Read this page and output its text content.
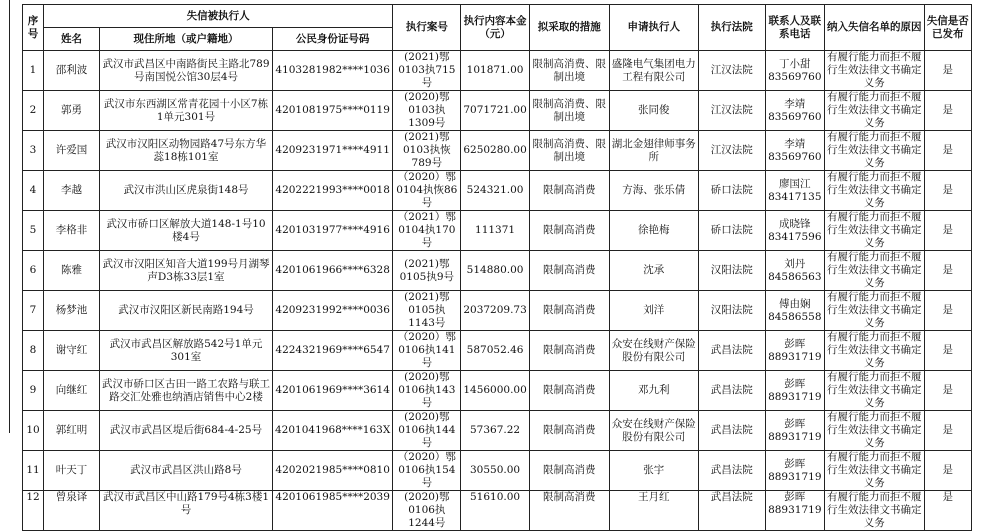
序号	失信被执行人			执行案号	执行内容本金（元）	拟采取的措施	申请执行人	执行法院	联系人及联系电话	纳入失信名单的原因	失信是否已发布
	姓名	现住所地（或户籍地）	公民身份证号码								
1	邵利波	武汉市武昌区中南路街民主路北789号南国悦公馆30层4号	4103281982****1036	(2021)鄂0103执715号	101871.00	限制高消费、限制出境	盛隆电气集团电力工程有限公司	江汉法院	丁小甜 83569760	有履行能力而拒不履行生效法律文书确定义务	是
2	郭勇	武汉市东西湖区常青花园十小区7栋1单元301号	4201081975****0119	(2020)鄂0103执1309号	7071721.00	限制高消费、限制出境	张同俊	江汉法院	李靖 83569760	有履行能力而拒不履行生效法律文书确定义务	是
3	许爱国	武汉市汉阳区动物园路47号东方华蕊18栋101室	4209231971****4911	(2021)鄂0103执恢789号	6250280.00	限制高消费、限制出境	湖北金翅律师事务所	江汉法院	李靖 83569760	有履行能力而拒不履行生效法律文书确定义务	是
4	李越	武汉市洪山区虎泉街148号	4202221993****0018	（2020）鄂0104执恢86号	524321.00	限制高消费	方海、张乐倩	硚口法院	廖国江 83417135	有履行能力而拒不履行生效法律文书确定义务	是
5	李格非	武汉市硚口区解放大道148-1号10楼4号	4201031977****4916	（2021）鄂0104执170号	111371	限制高消费	徐艳梅	硚口法院	成晓锋 83417596	有履行能力而拒不履行生效法律文书确定义务	是
6	陈雅	武汉市汉阳区知音大道199号月湖琴声D3栋33层1室	4201061966****6328	(2021)鄂0105执9号	514880.00	限制高消费	沈承	汉阳法院	刘丹 84586563	有履行能力而拒不履行生效法律文书确定义务	是
7	杨梦池	武汉市汉阳区新民南路194号	4209231992****0036	(2021)鄂0105执1143号	2037209.73	限制高消费	刘洋	汉阳法院	傅由娴 84586558	有履行能力而拒不履行生效法律文书确定义务	是
8	谢守红	武汉市武昌区解放路542号1单元301室	4224321969****6547	（2020）鄂0106执141号	587052.46	限制高消费	众安在线财产保险股份有限公司	武昌法院	彭晖 88931719	有履行能力而拒不履行生效法律文书确定义务	是
9	向继红	武汉市硚口区古田一路工农路与联工路交汇处雅也纳酒店销售中心2楼	4201061969****3614	(2020)鄂0106执143号	1456000.00	限制高消费	邓九利	武昌法院	彭晖 88931719	有履行能力而拒不履行生效法律文书确定义务	是
10	郭红明	武汉市武昌区堤后街684-4-25号	4201041968****163X	(2020)鄂0106执144号	57367.22	限制高消费	众安在线财产保险股份有限公司	武昌法院	彭晖 88931719	有履行能力而拒不履行生效法律文书确定义务	是
11	叶天丁	武汉市武昌区洪山路8号	4202021985****0810	（2020）鄂0106执154号	30550.00	限制高消费	张宇	武昌法院	彭晖 88931719	有履行能力而拒不履行生效法律文书确定义务	是
12	曾泉译	武汉市武昌区中山路179号4栋3楼1号	4201061985****2039	(2020)鄂0106执1244号	51610.00	限制高消费	王月红	武昌法院	彭晖 88931719	有履行能力而拒不履行生效法律文书确定义务	是
